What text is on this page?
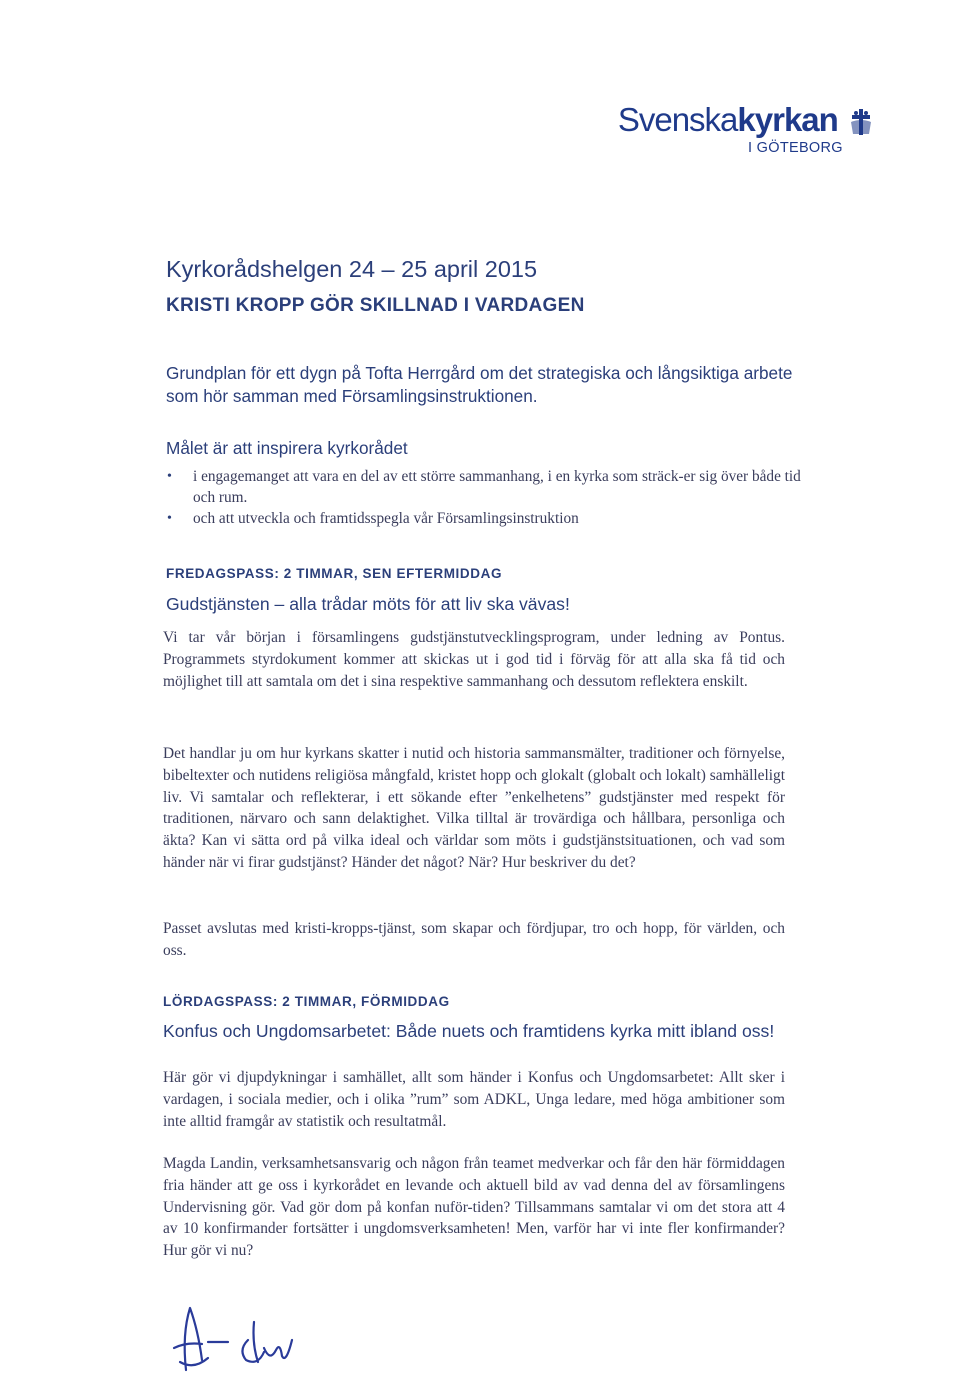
Svenskakyrkan
I GÖTEBORG
Kyrkorådshelgen 24 – 25 april 2015
KRISTI KROPP GÖR SKILLNAD I VARDAGEN
Grundplan för ett dygn på Tofta Herrgård om det strategiska och långsiktiga arbete som hör samman med Församlingsinstruktionen.
Målet är att inspirera kyrkorådet
• i engagemanget att vara en del av ett större sammanhang, i en kyrka som sträck-er sig över både tid och rum.
• och att utveckla och framtidsspegla vår Församlingsinstruktion
FREDAGSPASS: 2 TIMMAR, SEN EFTERMIDDAG
Gudstjänsten – alla trådar möts för att liv ska vävas!
Vi tar vår början i församlingens gudstjänstutvecklingsprogram, under ledning av Pontus. Programmets styrdokument kommer att skickas ut i god tid i förväg för att alla ska få tid och möjlighet till att samtala om det i sina respektive sammanhang och dessutom reflektera enskilt.
Det handlar ju om hur kyrkans skatter i nutid och historia sammansmälter, traditioner och förnyelse, bibeltexter och nutidens religiösa mångfald, kristet hopp och glokalt (globalt och lokalt) samhälleligt liv. Vi samtalar och reflekterar, i ett sökande efter ”enkelhetens” gudstjänster med respekt för traditionen, närvaro och sann delaktighet. Vilka tilltal är trovärdiga och hållbara, personliga och äkta? Kan vi sätta ord på vilka ideal och världar som möts i gudstjänstsituationen, och vad som händer när vi firar gudstjänst? Händer det något? När? Hur beskriver du det?
Passet avslutas med kristi-kropps-tjänst, som skapar och fördjupar, tro och hopp, för världen, och oss.
LÖRDAGSPASS: 2 TIMMAR, FÖRMIDDAG
Konfus och Ungdomsarbetet: Både nuets och framtidens kyrka mitt ibland oss!
Här gör vi djupdykningar i samhället, allt som händer i Konfus och Ungdomsarbetet: Allt sker i vardagen, i sociala medier, och i olika ”rum” som ADKL, Unga ledare, med höga ambitioner som inte alltid framgår av statistik och resultatmål.
Magda Landin, verksamhetsansvarig och någon från teamet medverkar och får den här förmiddagen fria händer att ge oss i kyrkorådet en levande och aktuell bild av vad denna del av församlingens Undervisning gör. Vad gör dom på konfan nuför-tiden? Tillsammans samtalar vi om det stora att 4 av 10 konfirmander fortsätter i ungdomsverksamheten! Men, varför har vi inte fler konfirmander? Hur gör vi nu?
